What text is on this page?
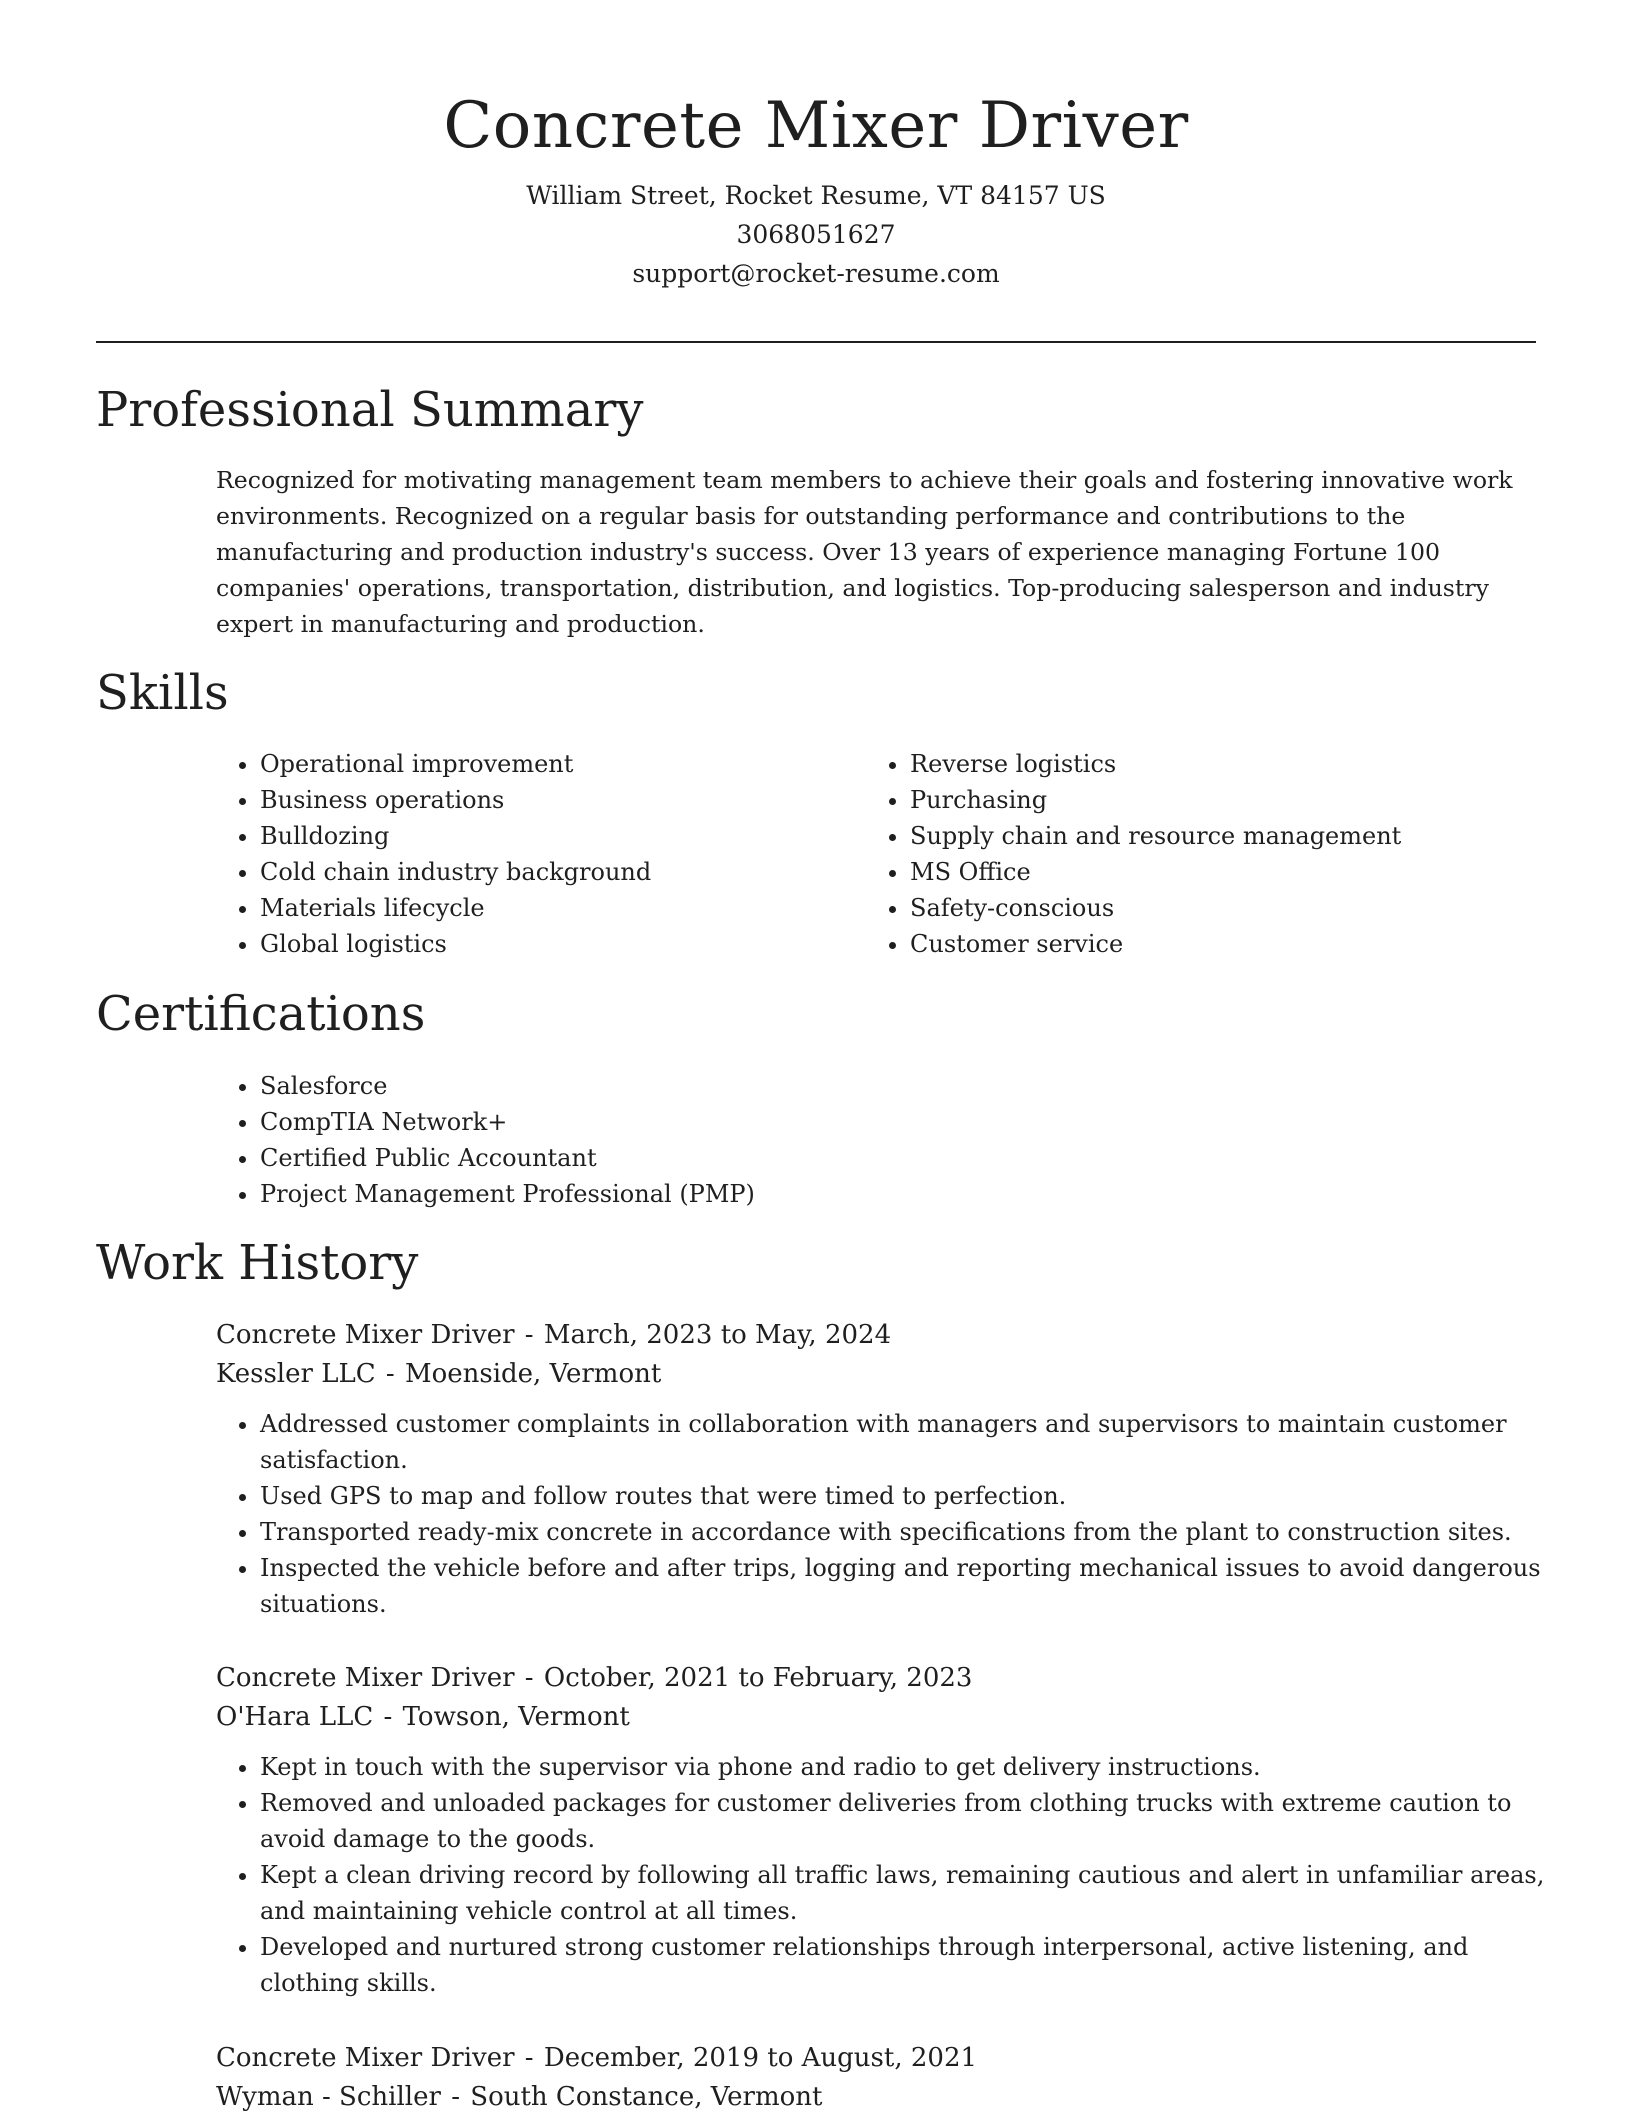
Concrete Mixer Driver
William Street, Rocket Resume, VT 84157 US
3068051627
support@rocket-resume.com
Professional Summary

Recognized for motivating management team members to achieve their goals and fostering innovative work environments. Recognized on a regular basis for outstanding performance and contributions to the manufacturing and production industry's success. Over 13 years of experience managing Fortune 100 companies' operations, transportation, distribution, and logistics. Top-producing salesperson and industry expert in manufacturing and production.

Skills
• Operational improvement
• Business operations
• Bulldozing
• Cold chain industry background
• Materials lifecycle
• Global logistics
• Reverse logistics
• Purchasing
• Supply chain and resource management
• MS Office
• Safety-conscious
• Customer service
Certifications
• Salesforce
• CompTIA Network+
• Certified Public Accountant
• Project Management Professional (PMP)
Work History
Concrete Mixer Driver - March, 2023 to May, 2024
Kessler LLC - Moenside, Vermont
• Addressed customer complaints in collaboration with managers and supervisors to maintain customer satisfaction.
• Used GPS to map and follow routes that were timed to perfection.
• Transported ready-mix concrete in accordance with specifications from the plant to construction sites.
• Inspected the vehicle before and after trips, logging and reporting mechanical issues to avoid dangerous situations.
Concrete Mixer Driver - October, 2021 to February, 2023
O'Hara LLC - Towson, Vermont
• Kept in touch with the supervisor via phone and radio to get delivery instructions.
• Removed and unloaded packages for customer deliveries from clothing trucks with extreme caution to avoid damage to the goods.
• Kept a clean driving record by following all traffic laws, remaining cautious and alert in unfamiliar areas, and maintaining vehicle control at all times.
• Developed and nurtured strong customer relationships through interpersonal, active listening, and clothing skills.
Concrete Mixer Driver - December, 2019 to August, 2021
Wyman - Schiller - South Constance, Vermont
